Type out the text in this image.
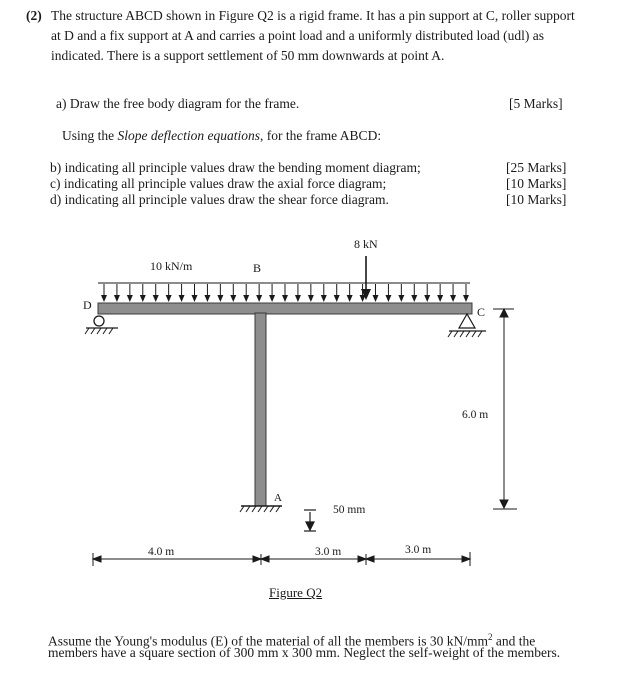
(2) The structure ABCD shown in Figure Q2 is a rigid frame. It has a pin support at C, roller support
at D and a fix support at A and carries a point load and a uniformly distributed load (udl) as
indicated. There is a support settlement of 50 mm downwards at point A.
a) Draw the free body diagram for the frame.	[5 Marks]
Using the Slope deflection equations, for the frame ABCD:
b) indicating all principle values draw the bending moment diagram;	[25 Marks]
c) indicating all principle values draw the axial force diagram;	[10 Marks]
d) indicating all principle values draw the shear force diagram.	[10 Marks]
8 kN
10 kN/m	B
D	C
A
6.0 m
50 mm
4.0 m	3.0 m	3.0 m
Figure Q2
Assume the Young's modulus (E) of the material of all the members is 30 $kN/mm^2$ and the
members have a square section of 300 mm x 300 mm. Neglect the self-weight of the members.
